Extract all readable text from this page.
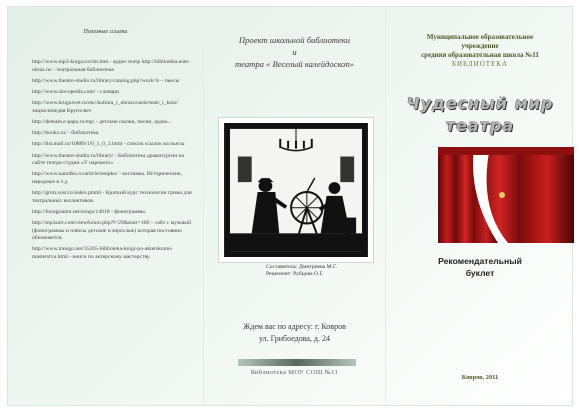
Полезные ссылки
http://www.mp3-kniga.ru/rim.htm - аудио театр http://biblioteka.teatr-obraz.ru/ - театральная библиотека
http://www.theatre-studio.ru/library/catalog.php?work=b – пьесы
http://www.slovopedia.com/ - словари
http://www.krugosvet.ru/enc/kultura_i_obrazovanie/teatr_i_kino/ энциклопедия Кругосвет
http://detkam.e-papa.ru/mp/ - детские сказки, песни, аудио...
http://bookz.ru/ - библиотека
http://list.mail.ru/10889/1/0_1_0_2.html - список ссылок на пьесы
http://www.theatre-studio.ru/library/ - Библиотека драматургии на сайте театра-студии «У парового»
http://www.narodko.ru/article/testpko/ - костюмы. Исторические, народные и т.д.
http://grim.xost.ru/index.phtml - Краткий курс технологии грима для театральных коллективов.
http://fonogramm.net/songs/14818 - фонограммы.
http://mp3sort.com/viewforum.php?f=29&start=100 – сайт с музыкой (фонограммы и плюсы детские и взрослые) которая постоянно обновляется.
http://www.mnogo.net/35265-biblioteka-knigi-po-akterskomu-masterstvu.html - книги по актерскому мастерству.
Проект школьной библиотеки
и
театра « Веселый калейдоскоп»
Составитель: Дмитриева М.Г.
Рецензент: Рубцова О.Г.
Ждем вас по адресу: г. Ковров
ул. Грибоедова, д. 24
Библиотека МОУ СОШ №11
Муниципальное образовательное
учреждение
средняя образовательная школа №11
БИБЛИОТЕКА
Чудесный мир
театра
Рекомендательный
буклет
Ковров, 2011
